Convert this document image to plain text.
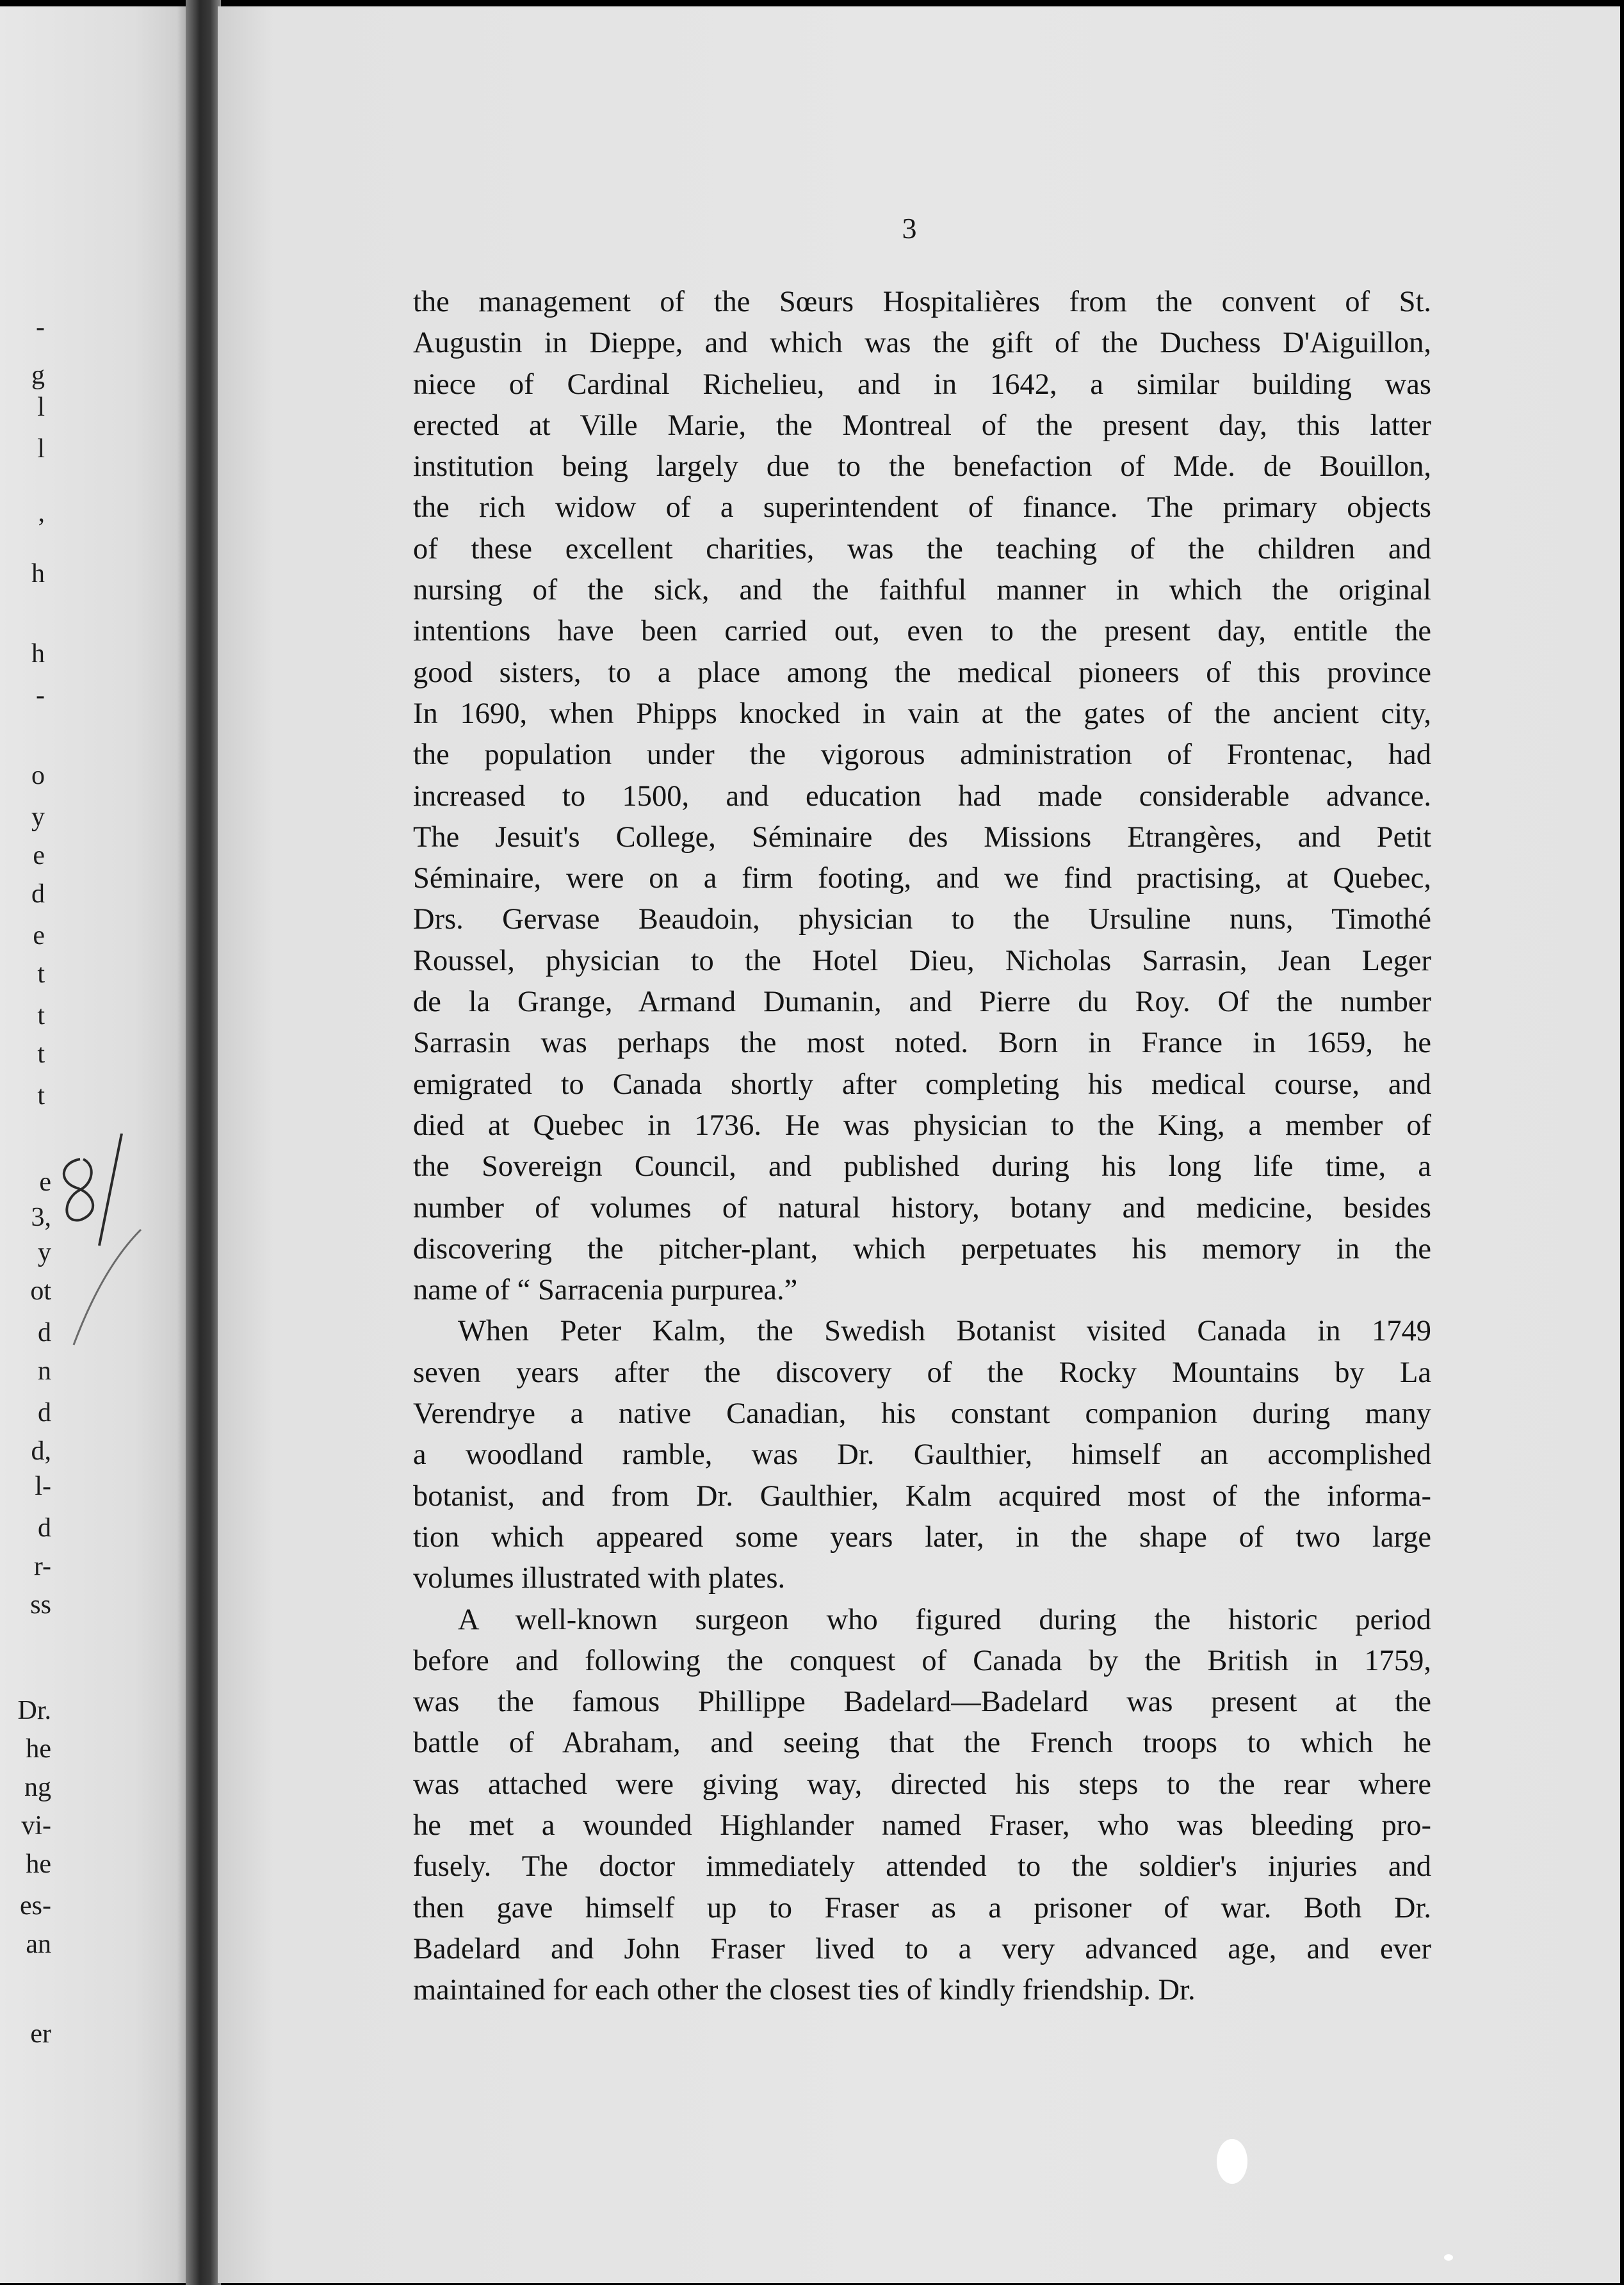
-
g
l
l
,
h
h
-
o
y
e
d
e
t
t
t
t
e
3,
y
ot
d
n
d
d,
l-
d
r-
ss
Dr.
he
ng
vi-
he
es-
an
er
3
the management of the Sœurs Hospitalières from the convent of St.
Augustin in Dieppe, and which was the gift of the Duchess D'Aiguillon,
niece of Cardinal Richelieu, and in 1642, a similar building was
erected at Ville Marie, the Montreal of the present day, this latter
institution being largely due to the benefaction of Mde. de Bouillon,
the rich widow of a superintendent of finance. The primary objects
of these excellent charities, was the teaching of the children and
nursing of the sick, and the faithful manner in which the original
intentions have been carried out, even to the present day, entitle the
good sisters, to a place among the medical pioneers of this province
In 1690, when Phipps knocked in vain at the gates of the ancient city,
the population under the vigorous administration of Frontenac, had
increased to 1500, and education had made considerable advance.
The Jesuit's College, Séminaire des Missions Etrangères, and Petit
Séminaire, were on a firm footing, and we find practising, at Quebec,
Drs. Gervase Beaudoin, physician to the Ursuline nuns, Timothé
Roussel, physician to the Hotel Dieu, Nicholas Sarrasin, Jean Leger
de la Grange, Armand Dumanin, and Pierre du Roy. Of the number
Sarrasin was perhaps the most noted. Born in France in 1659, he
emigrated to Canada shortly after completing his medical course, and
died at Quebec in 1736. He was physician to the King, a member of
the Sovereign Council, and published during his long life time, a
number of volumes of natural history, botany and medicine, besides
discovering the pitcher-plant, which perpetuates his memory in the
name of “ Sarracenia purpurea.”
When Peter Kalm, the Swedish Botanist visited Canada in 1749
seven years after the discovery of the Rocky Mountains by La
Verendrye a native Canadian, his constant companion during many
a woodland ramble, was Dr. Gaulthier, himself an accomplished
botanist, and from Dr. Gaulthier, Kalm acquired most of the informa-
tion which appeared some years later, in the shape of two large
volumes illustrated with plates.
A well-known surgeon who figured during the historic period
before and following the conquest of Canada by the British in 1759,
was the famous Phillippe Badelard—Badelard was present at the
battle of Abraham, and seeing that the French troops to which he
was attached were giving way, directed his steps to the rear where
he met a wounded Highlander named Fraser, who was bleeding pro-
fusely. The doctor immediately attended to the soldier's injuries and
then gave himself up to Fraser as a prisoner of war. Both Dr.
Badelard and John Fraser lived to a very advanced age, and ever
maintained for each other the closest ties of kindly friendship. Dr.
